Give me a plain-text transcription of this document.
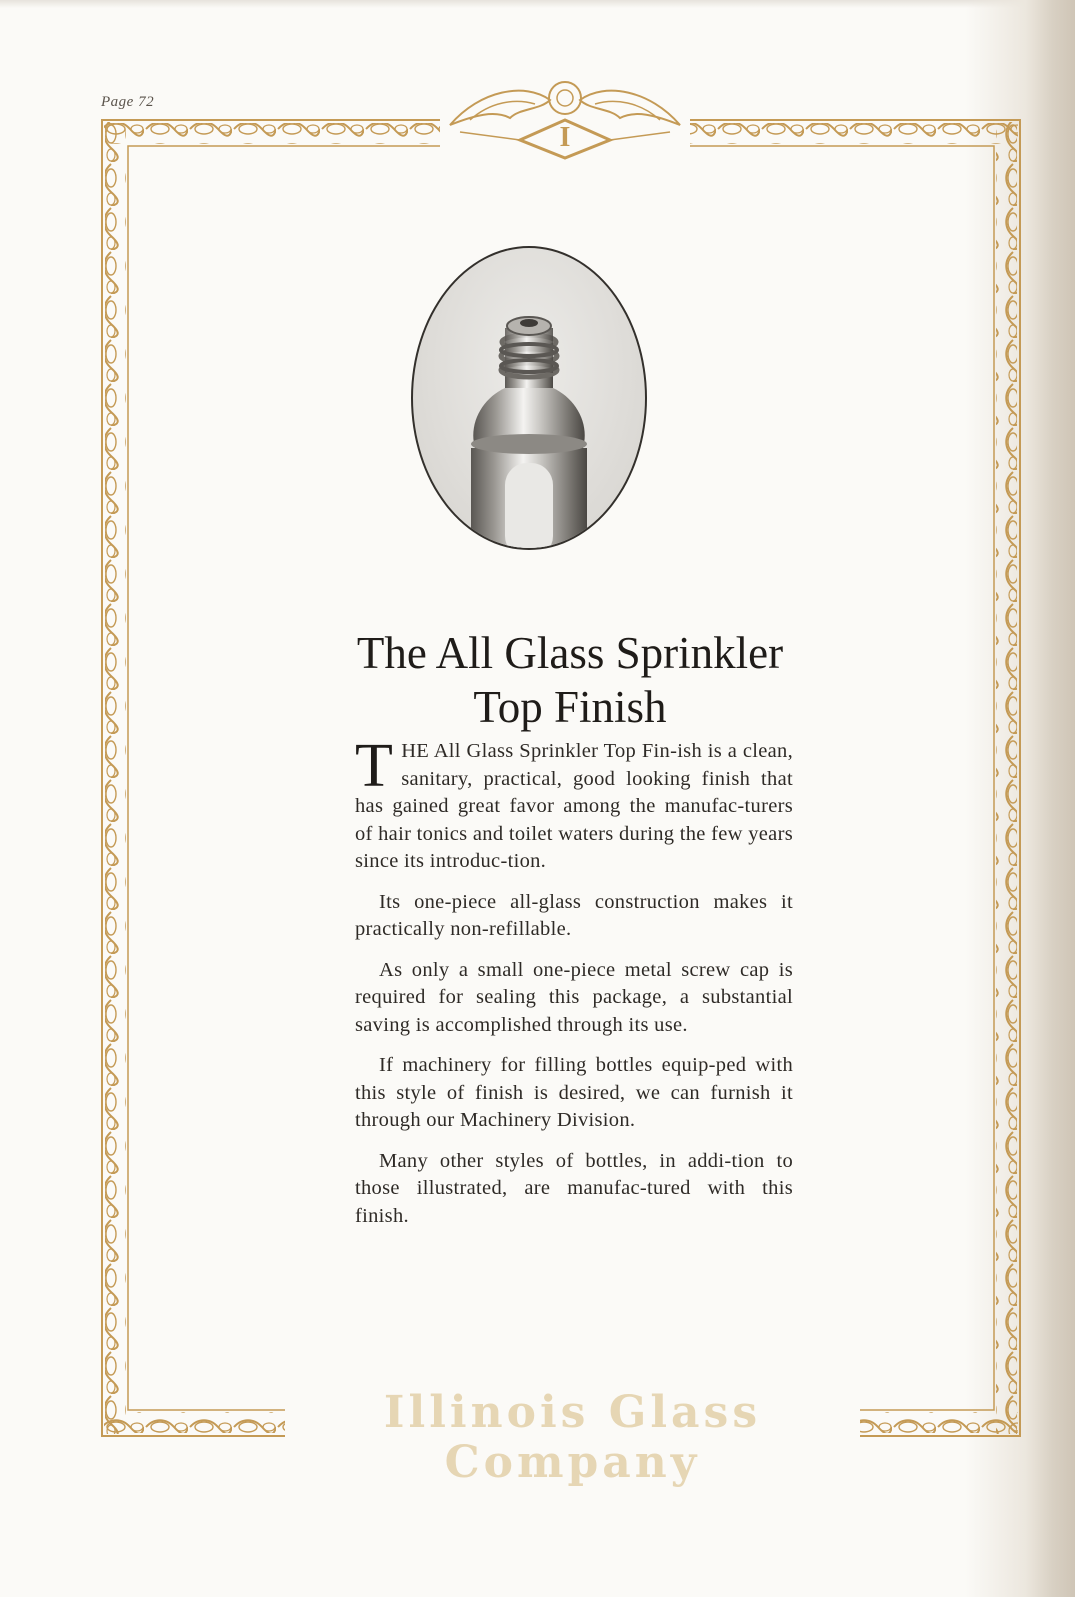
Page 72
I
The All Glass Sprinkler
Top Finish

THE All Glass Sprinkler Top Fin-ish is a clean, sanitary, practical, good looking finish that has gained great favor among the manufac-turers of hair tonics and toilet waters during the few years since its introduc-tion.

Its one-piece all-glass construction makes it practically non-refillable.

As only a small one-piece metal screw cap is required for sealing this package, a substantial saving is accomplished through its use.

If machinery for filling bottles equip-ped with this style of finish is desired, we can furnish it through our Machinery Division.

Many other styles of bottles, in addi-tion to those illustrated, are manufac-tured with this finish.

Illinois Glass Company
